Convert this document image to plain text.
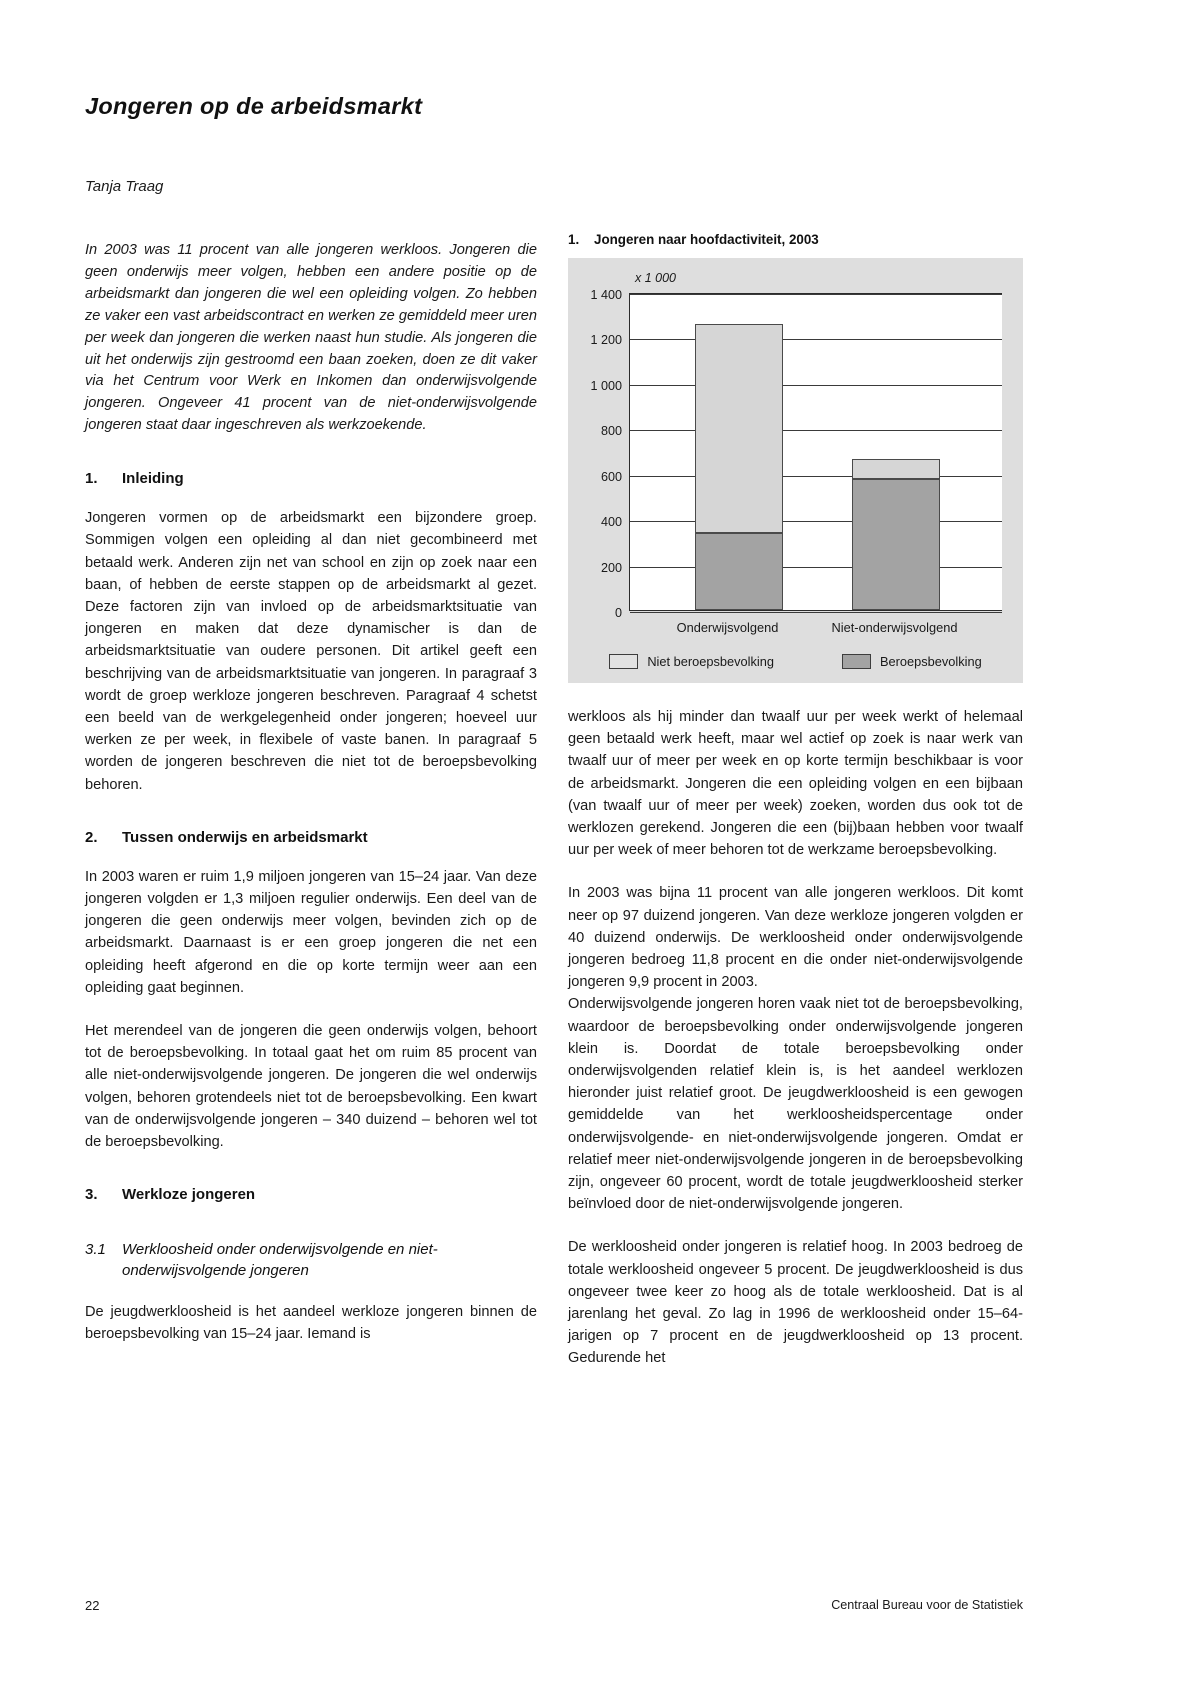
Jongeren op de arbeidsmarkt
Tanja Traag

In 2003 was 11 procent van alle jongeren werkloos. Jongeren die geen onderwijs meer volgen, hebben een andere positie op de arbeidsmarkt dan jongeren die wel een opleiding volgen. Zo hebben ze vaker een vast arbeidscontract en werken ze gemiddeld meer uren per week dan jongeren die werken naast hun studie. Als jongeren die uit het onderwijs zijn gestroomd een baan zoeken, doen ze dit vaker via het Centrum voor Werk en Inkomen dan onderwijsvolgende jongeren. Ongeveer 41 procent van de niet-onderwijsvolgende jongeren staat daar ingeschreven als werkzoekende.

1.	Inleiding

Jongeren vormen op de arbeidsmarkt een bijzondere groep. Sommigen volgen een opleiding al dan niet gecombineerd met betaald werk. Anderen zijn net van school en zijn op zoek naar een baan, of hebben de eerste stappen op de arbeidsmarkt al gezet. Deze factoren zijn van invloed op de arbeidsmarktsituatie van jongeren en maken dat deze dynamischer is dan de arbeidsmarktsituatie van oudere personen. Dit artikel geeft een beschrijving van de arbeidsmarktsituatie van jongeren. In paragraaf 3 wordt de groep werkloze jongeren beschreven. Paragraaf 4 schetst een beeld van de werkgelegenheid onder jongeren; hoeveel uur werken ze per week, in flexibele of vaste banen. In paragraaf 5 worden de jongeren beschreven die niet tot de beroepsbevolking behoren.

2.	Tussen onderwijs en arbeidsmarkt

In 2003 waren er ruim 1,9 miljoen jongeren van 15–24 jaar. Van deze jongeren volgden er 1,3 miljoen regulier onderwijs. Een deel van de jongeren die geen onderwijs meer volgen, bevinden zich op de arbeidsmarkt. Daarnaast is er een groep jongeren die net een opleiding heeft afgerond en die op korte termijn weer aan een opleiding gaat beginnen.

Het merendeel van de jongeren die geen onderwijs volgen, behoort tot de beroepsbevolking. In totaal gaat het om ruim 85 procent van alle niet-onderwijsvolgende jongeren. De jongeren die wel onderwijs volgen, behoren grotendeels niet tot de beroepsbevolking. Een kwart van de onderwijsvolgende jongeren – 340 duizend – behoren wel tot de beroepsbevolking.

3.	Werkloze jongeren
3.1	Werkloosheid onder onderwijsvolgende en niet-onderwijsvolgende jongeren

De jeugdwerkloosheid is het aandeel werkloze jongeren binnen de beroepsbevolking van 15–24 jaar. Iemand is

1.	Jongeren naar hoofdactiviteit, 2003
x 1 000
1 400
1 200
1 000
800
600
400
200
0
Onderwijsvolgend	Niet-onderwijsvolgend
Niet beroepsbevolking	Beroepsbevolking

werkloos als hij minder dan twaalf uur per week werkt of helemaal geen betaald werk heeft, maar wel actief op zoek is naar werk van twaalf uur of meer per week en op korte termijn beschikbaar is voor de arbeidsmarkt. Jongeren die een opleiding volgen en een bijbaan (van twaalf uur of meer per week) zoeken, worden dus ook tot de werklozen gerekend. Jongeren die een (bij)baan hebben voor twaalf uur per week of meer behoren tot de werkzame beroepsbevolking.

In 2003 was bijna 11 procent van alle jongeren werkloos. Dit komt neer op 97 duizend jongeren. Van deze werkloze jongeren volgden er 40 duizend onderwijs. De werkloosheid onder onderwijsvolgende jongeren bedroeg 11,8 procent en die onder niet-onderwijsvolgende jongeren 9,9 procent in 2003.

Onderwijsvolgende jongeren horen vaak niet tot de beroepsbevolking, waardoor de beroepsbevolking onder onderwijsvolgende jongeren klein is. Doordat de totale beroepsbevolking onder onderwijsvolgenden relatief klein is, is het aandeel werklozen hieronder juist relatief groot. De jeugdwerkloosheid is een gewogen gemiddelde van het werkloosheidspercentage onder onderwijsvolgende- en niet-onderwijsvolgende jongeren. Omdat er relatief meer niet-onderwijsvolgende jongeren in de beroepsbevolking zijn, ongeveer 60 procent, wordt de totale jeugdwerkloosheid sterker beïnvloed door de niet-onderwijsvolgende jongeren.

De werkloosheid onder jongeren is relatief hoog. In 2003 bedroeg de totale werkloosheid ongeveer 5 procent. De jeugdwerkloosheid is dus ongeveer twee keer zo hoog als de totale werkloosheid. Dat is al jarenlang het geval. Zo lag in 1996 de werkloosheid onder 15–64-jarigen op 7 procent en de jeugdwerkloosheid op 13 procent. Gedurende het

22	Centraal Bureau voor de Statistiek
